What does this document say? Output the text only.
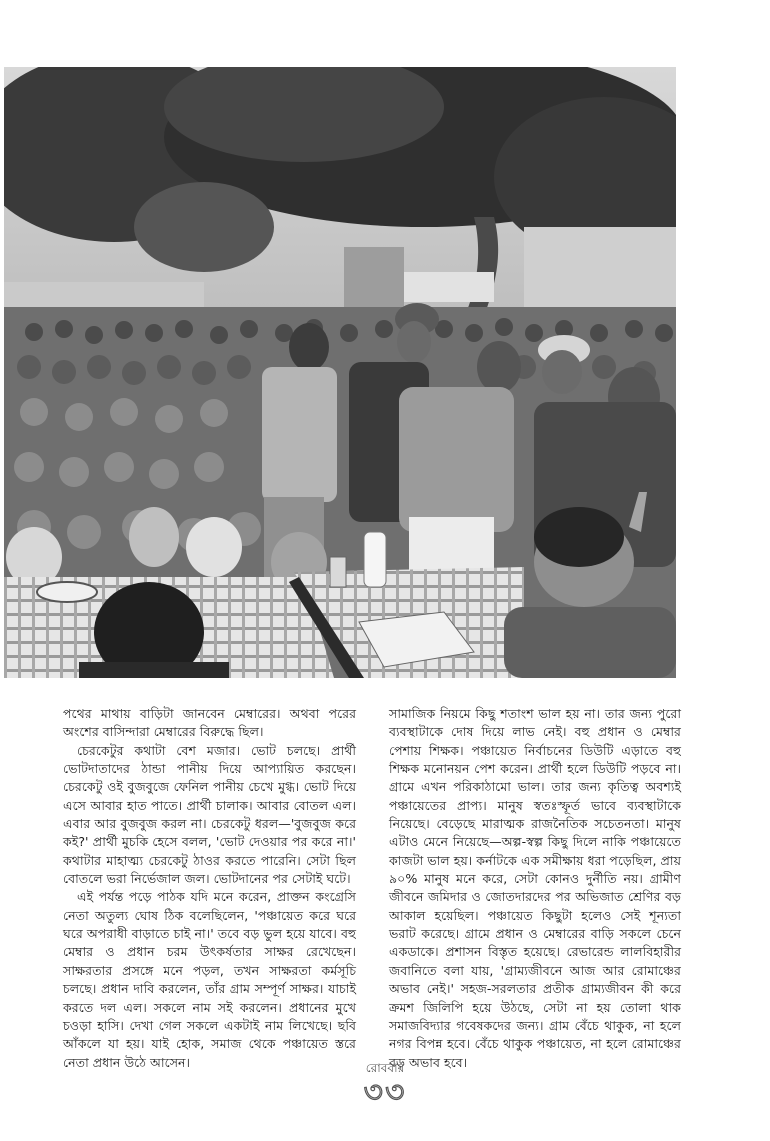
পথের মাথায় বাড়িটা জানবেন মেম্বারের। অথবা পরের অংশের বাসিন্দারা মেম্বারের বিরুদ্ধে ছিল।

চেরকেটুর কথাটা বেশ মজার। ভোট চলছে। প্রার্থী ভোটদাতাদের ঠান্ডা পানীয় দিয়ে আপ্যায়িত করছেন। চেরকেটু ওই বুজবুজে ফেনিল পানীয় চেখে মুগ্ধ। ভোট দিয়ে এসে আবার হাত পাতে। প্রার্থী চালাক। আবার বোতল এল। এবার আর বুজবুজ করল না। চেরকেটু ধরল—'বুজবুজ করে কই?' প্রার্থী মুচকি হেসে বলল, 'ভোট দেওয়ার পর করে না।' কথাটার মাহাত্ম্য চেরকেটু ঠাওর করতে পারেনি। সেটা ছিল বোতলে ভরা নির্ভেজাল জল। ভোটদানের পর সেটাই ঘটে।

এই পর্যন্ত পড়ে পাঠক যদি মনে করেন, প্রাক্তন কংগ্রেসি নেতা অতুল্য ঘোষ ঠিক বলেছিলেন, 'পঞ্চায়েত করে ঘরে ঘরে অপরাধী বাড়াতে চাই না।' তবে বড় ভুল হয়ে যাবে। বহু মেম্বার ও প্রধান চরম উৎকর্ষতার সাক্ষর রেখেছেন। সাক্ষরতার প্রসঙ্গে মনে পড়ল, তখন সাক্ষরতা কর্মসূচি চলছে। প্রধান দাবি করলেন, তাঁর গ্রাম সম্পূর্ণ সাক্ষর। যাচাই করতে দল এল। সকলে নাম সই করলেন। প্রধানের মুখে চওড়া হাসি। দেখা গেল সকলে একটাই নাম লিখেছে। ছবি আঁকলে যা হয়। যাই হোক, সমাজ থেকে পঞ্চায়েত স্তরে নেতা প্রধান উঠে আসেন।

সামাজিক নিয়মে কিছু শতাংশ ভাল হয় না। তার জন্য পুরো ব্যবস্থাটাকে দোষ দিয়ে লাভ নেই। বহু প্রধান ও মেম্বার পেশায় শিক্ষক। পঞ্চায়েত নির্বাচনের ডিউটি এড়াতে বহু শিক্ষক মনোনয়ন পেশ করেন। প্রার্থী হলে ডিউটি পড়বে না। গ্রামে এখন পরিকাঠামো ভাল। তার জন্য কৃতিত্ব অবশ্যই পঞ্চায়েতের প্রাপ্য। মানুষ স্বতঃস্ফূর্ত ভাবে ব্যবস্থাটাকে নিয়েছে। বেড়েছে মারাত্মক রাজনৈতিক সচেতনতা। মানুষ এটাও মেনে নিয়েছে—অল্প-স্বল্প কিছু দিলে নাকি পঞ্চায়েতে কাজটা ভাল হয়। কর্নাটকে এক সমীক্ষায় ধরা পড়েছিল, প্রায় ৯০% মানুষ মনে করে, সেটা কোনও দুর্নীতি নয়। গ্রামীণ জীবনে জমিদার ও জোতদারদের পর অভিজাত শ্রেণির বড় আকাল হয়েছিল। পঞ্চায়েত কিছুটা হলেও সেই শূন্যতা ভরাট করেছে। গ্রামে প্রধান ও মেম্বারের বাড়ি সকলে চেনে একডাকে। প্রশাসন বিস্তৃত হয়েছে। রেভারেন্ড লালবিহারীর জবানিতে বলা যায়, 'গ্রাম্যজীবনে আজ আর রোমাঞ্চের অভাব নেই।' সহজ-সরলতার প্রতীক গ্রাম্যজীবন কী করে ক্রমশ জিলিপি হয়ে উঠছে, সেটা না হয় তোলা থাক সমাজবিদ্যার গবেষকদের জন্য। গ্রাম বেঁচে থাকুক, না হলে নগর বিপন্ন হবে। বেঁচে থাকুক পঞ্চায়েত, না হলে রোমাঞ্চের বড় অভাব হবে।

রোববার
৩৩
